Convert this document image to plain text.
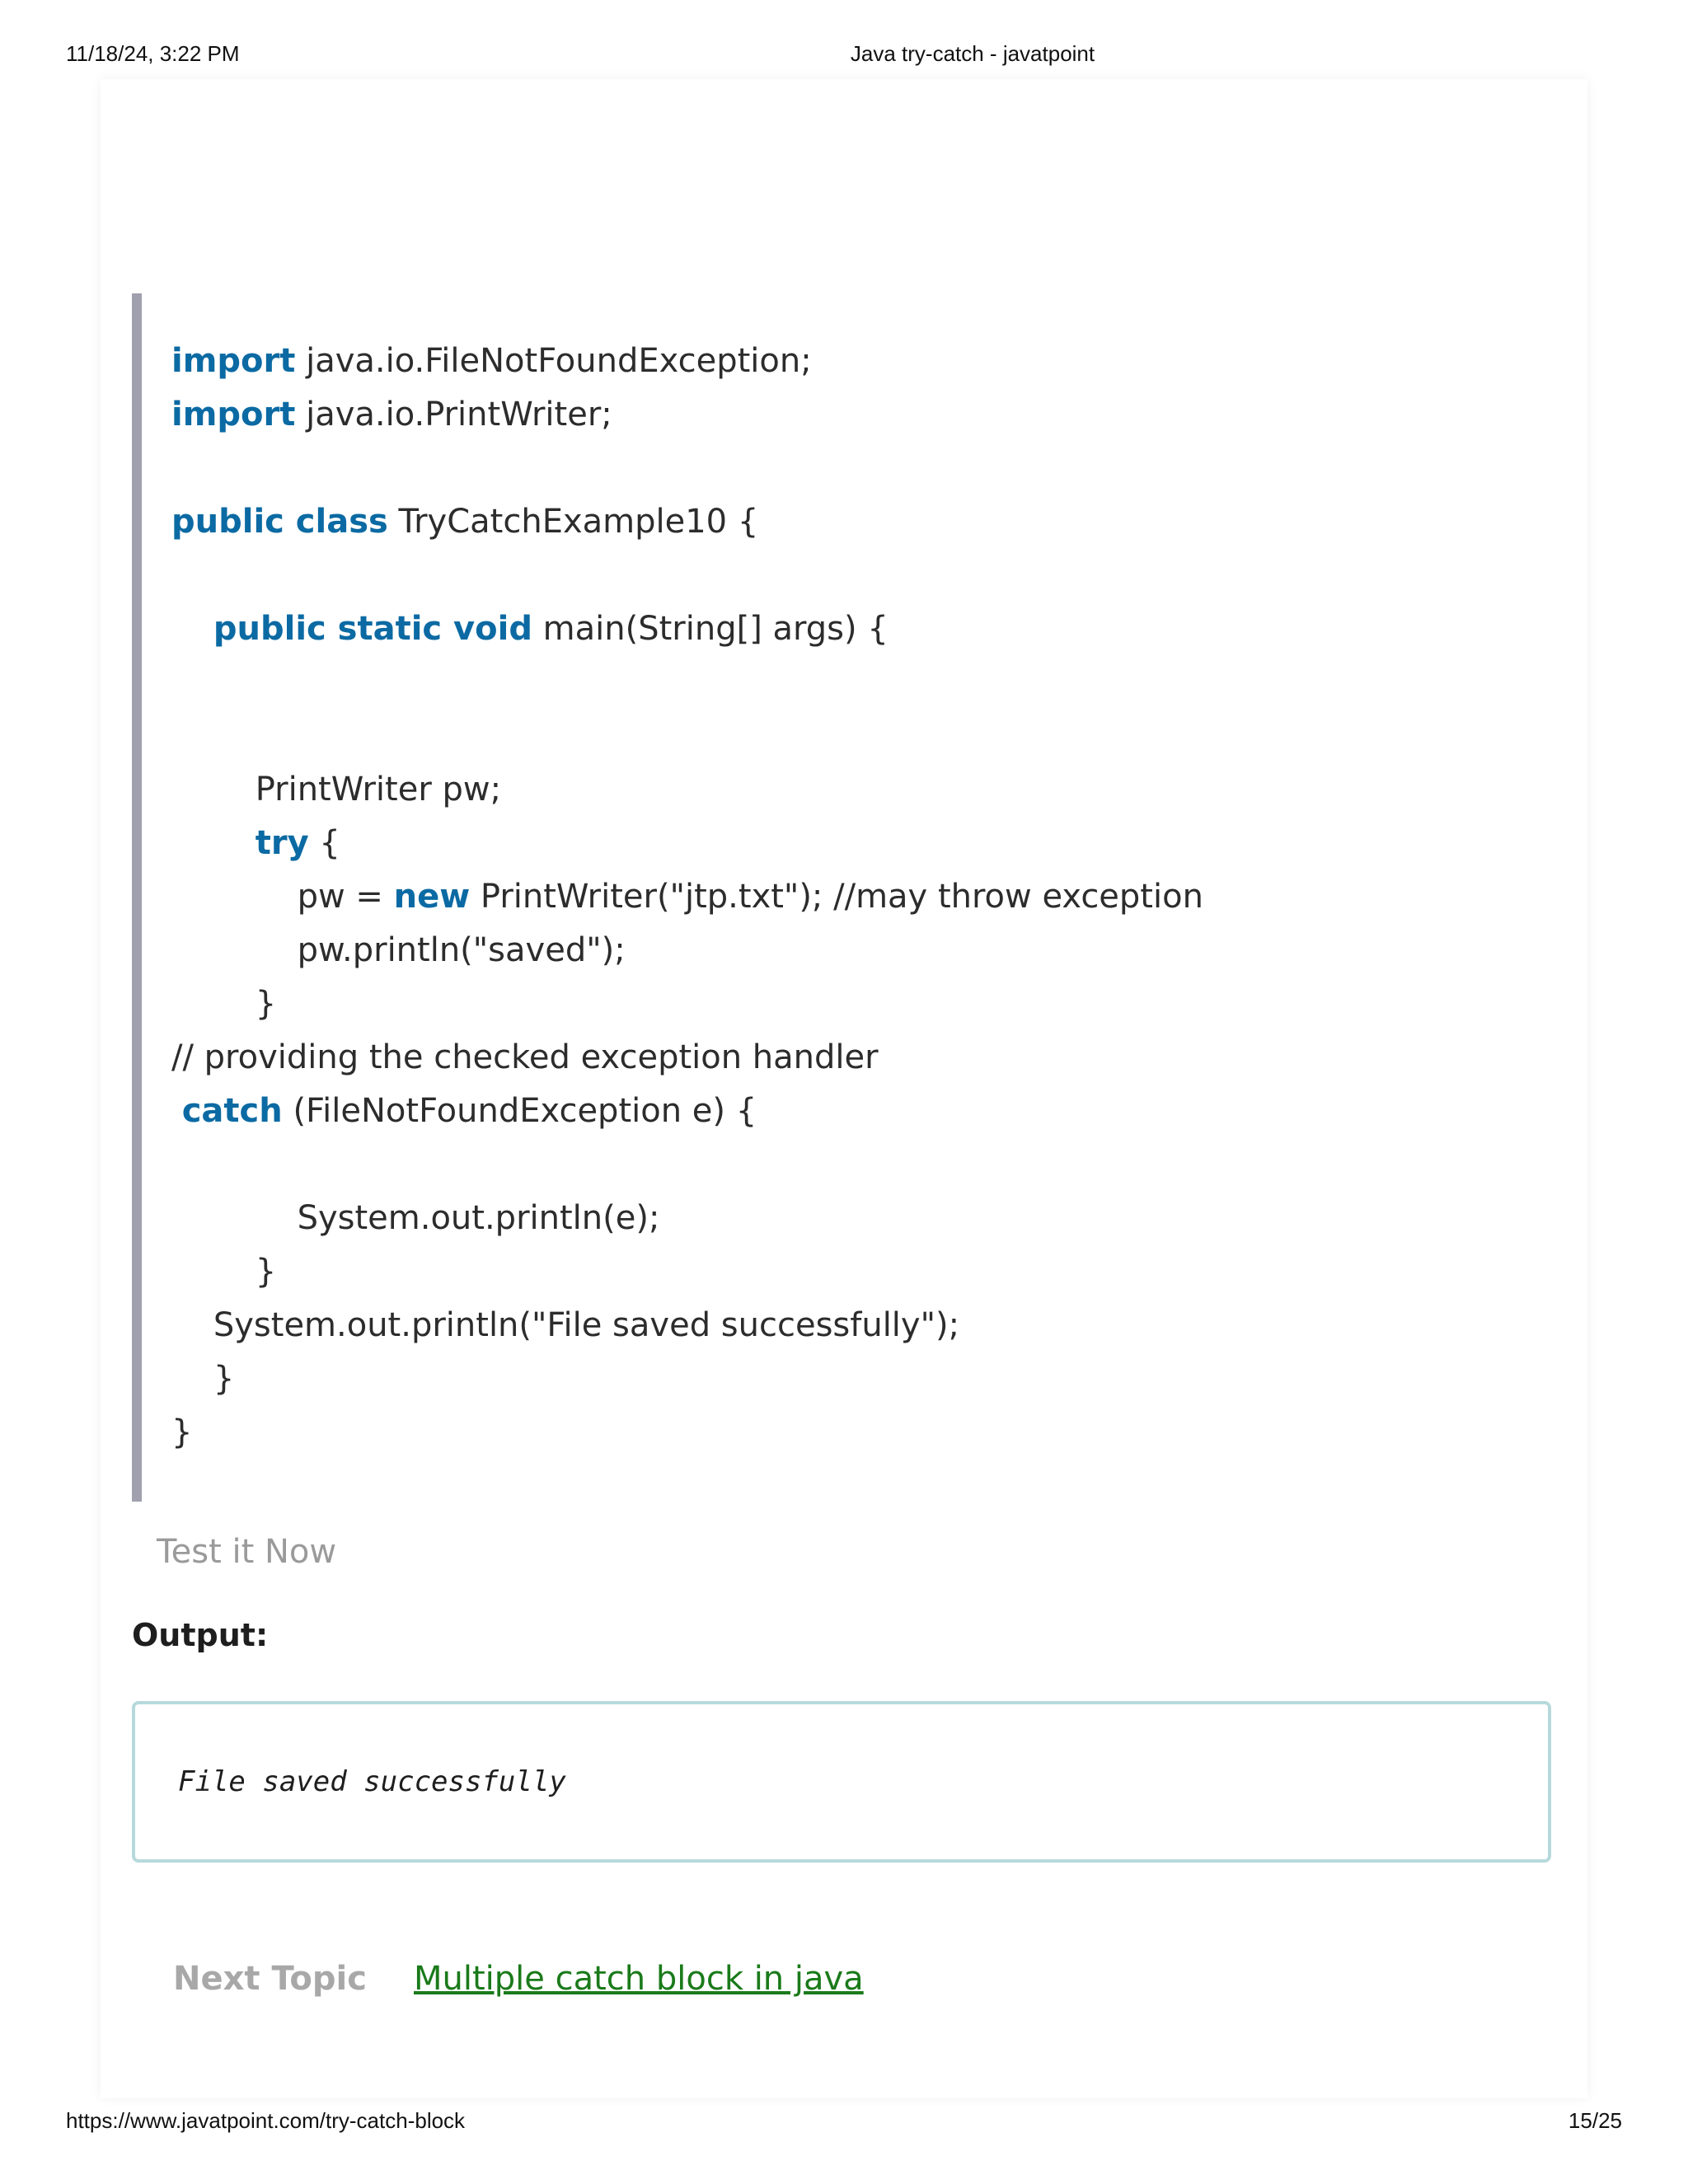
11/18/24, 3:22 PM	Java try-catch - javatpoint
import java.io.FileNotFoundException;
import java.io.PrintWriter;

public class TryCatchExample10 {

public static void main(String[] args) {

PrintWriter pw;
try {
pw = new PrintWriter("jtp.txt"); //may throw exception
pw.println("saved");
}
// providing the checked exception handler
catch (FileNotFoundException e) {

System.out.println(e);
}
System.out.println("File saved successfully");
}
}
Test it Now
Output:
File saved successfully
Next Topic Multiple catch block in java
https://www.javatpoint.com/try-catch-block	15/25
